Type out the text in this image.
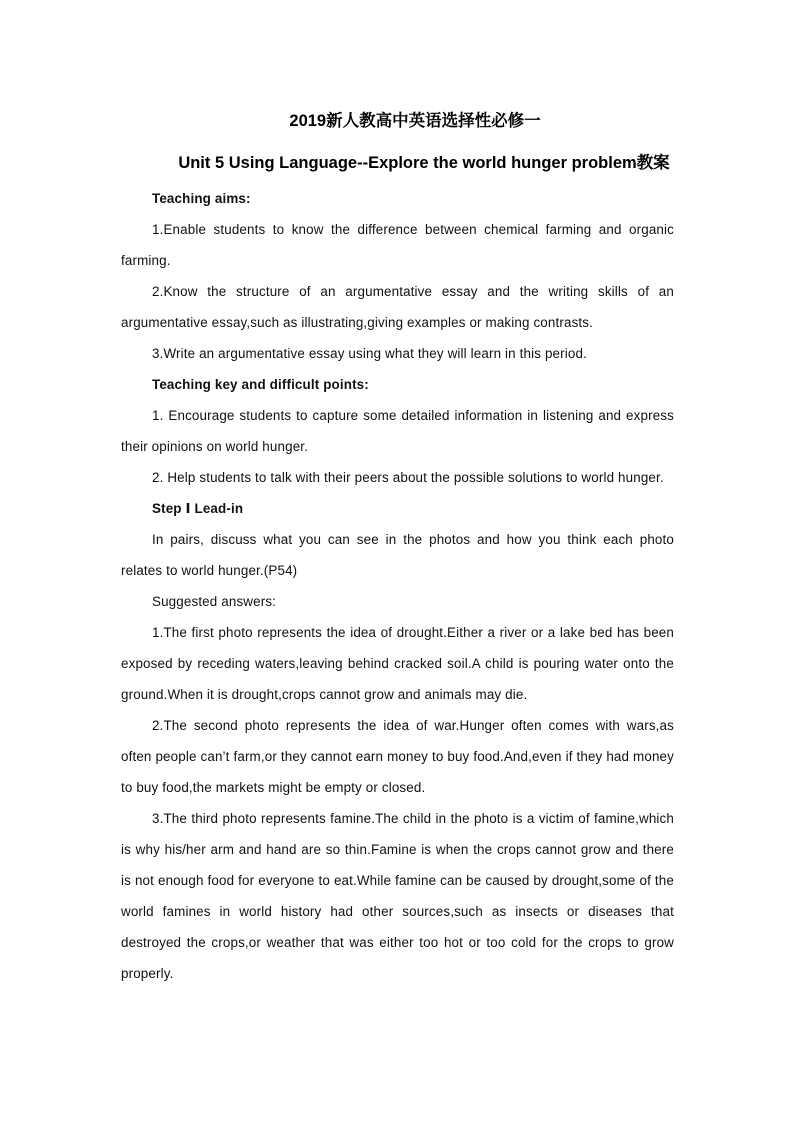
2019新人教高中英语选择性必修一
Unit 5 Using Language--Explore the world hunger problem教案

Teaching aims:

1.Enable students to know the difference between chemical farming and organic farming.

2.Know the structure of an argumentative essay and the writing skills of an argumentative essay,such as illustrating,giving examples or making contrasts.

3.Write an argumentative essay using what they will learn in this period.

Teaching key and difficult points:

1. Encourage students to capture some detailed information in listening and express their opinions on world hunger.

2. Help students to talk with their peers about the possible solutions to world hunger.

Step Ⅰ Lead-in

In pairs, discuss what you can see in the photos and how you think each photo relates to world hunger.(P54)

Suggested answers:

1.The first photo represents the idea of drought.Either a river or a lake bed has been exposed by receding waters,leaving behind cracked soil.A child is pouring water onto the ground.When it is drought,crops cannot grow and animals may die.

2.The second photo represents the idea of war.Hunger often comes with wars,as often people can’t farm,or they cannot earn money to buy food.And,even if they had money to buy food,the markets might be empty or closed.

3.The third photo represents famine.The child in the photo is a victim of famine,which is why his/her arm and hand are so thin.Famine is when the crops cannot grow and there is not enough food for everyone to eat.While famine can be caused by drought,some of the world famines in world history had other sources,such as insects or diseases that destroyed the crops,or weather that was either too hot or too cold for the crops to grow properly.
